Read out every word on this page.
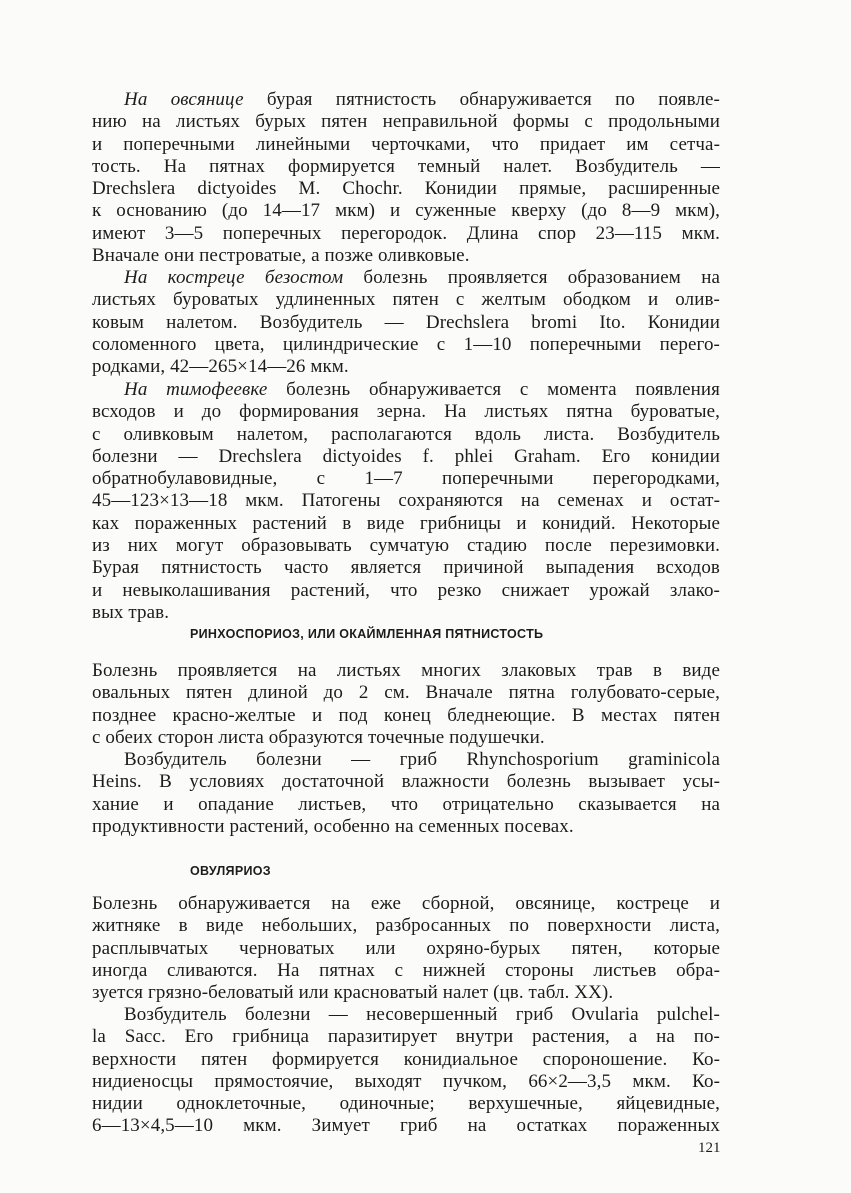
На овсянице бурая пятнистость обнаруживается по появле-
нию на листьях бурых пятен неправильной формы с продольными
и поперечными линейными черточками, что придает им сетча-
тость. На пятнах формируется темный налет. Возбудитель —
Drechslera dictyoides M. Chochr. Конидии прямые, расширенные
к основанию (до 14—17 мкм) и суженные кверху (до 8—9 мкм),
имеют 3—5 поперечных перегородок. Длина спор 23—115 мкм.
Вначале они пестроватые, а позже оливковые.
На костреце безостом болезнь проявляется образованием на
листьях буроватых удлиненных пятен с желтым ободком и олив-
ковым налетом. Возбудитель — Drechslera bromi Ito. Конидии
соломенного цвета, цилиндрические с 1—10 поперечными перего-
родками, 42—265×14—26 мкм.
На тимофеевке болезнь обнаруживается с момента появления
всходов и до формирования зерна. На листьях пятна буроватые,
с оливковым налетом, располагаются вдоль листа. Возбудитель
болезни — Drechslera dictyoides f. phlei Graham. Его конидии
обратнобулавовидные, с 1—7 поперечными перегородками,
45—123×13—18 мкм. Патогены сохраняются на семенах и остат-
ках пораженных растений в виде грибницы и конидий. Некоторые
из них могут образовывать сумчатую стадию после перезимовки.
Бурая пятнистость часто является причиной выпадения всходов
и невыколашивания растений, что резко снижает урожай злако-
вых трав.
РИНХОСПОРИОЗ, ИЛИ ОКАЙМЛЕННАЯ ПЯТНИСТОСТЬ
Болезнь проявляется на листьях многих злаковых трав в виде
овальных пятен длиной до 2 см. Вначале пятна голубовато-серые,
позднее красно-желтые и под конец бледнеющие. В местах пятен
с обеих сторон листа образуются точечные подушечки.
Возбудитель болезни — гриб Rhynchosporium graminicola
Heins. В условиях достаточной влажности болезнь вызывает усы-
хание и опадание листьев, что отрицательно сказывается на
продуктивности растений, особенно на семенных посевах.
ОВУЛЯРИОЗ
Болезнь обнаруживается на еже сборной, овсянице, костреце и
житняке в виде небольших, разбросанных по поверхности листа,
расплывчатых черноватых или охряно-бурых пятен, которые
иногда сливаются. На пятнах с нижней стороны листьев обра-
зуется грязно-беловатый или красноватый налет (цв. табл. XX).
Возбудитель болезни — несовершенный гриб Ovularia pulchel-
la Sacc. Его грибница паразитирует внутри растения, а на по-
верхности пятен формируется конидиальное спороношение. Ко-
нидиеносцы прямостоячие, выходят пучком, 66×2—3,5 мкм. Ко-
нидии одноклеточные, одиночные; верхушечные, яйцевидные,
6—13×4,5—10 мкм. Зимует гриб на остатках пораженных
121
